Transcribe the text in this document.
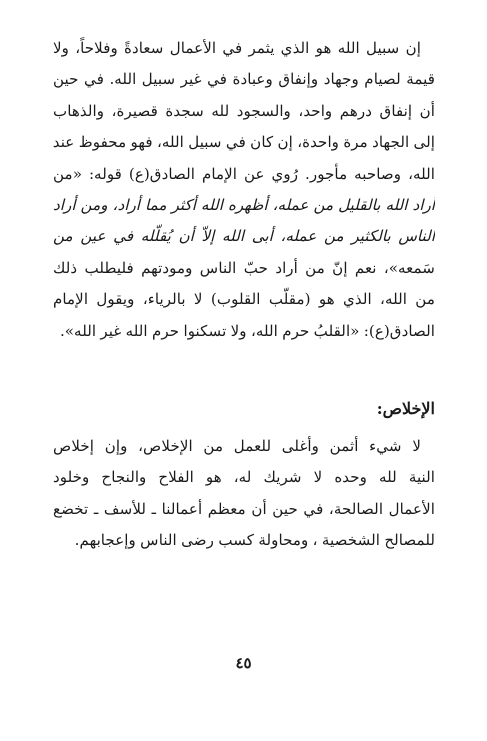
إن سبيل الله هو الذي يثمر في الأعمال سعادةً وفلاحاً، ولا
قيمة لصيام وجهاد وإنفاق وعبادة في غير سبيل الله. في حين
أن إنفاق درهم واحد، والسجود لله سجدة قصيرة، والذهاب
إلى الجهاد مرة واحدة، إن كان في سبيل الله، فهو محفوظ عند
الله، وصاحبه مأجور. رُوي عن الإمام الصادق(ع) قوله: «من
أراد الله بالقليل من عمله، أظهره الله أكثر مما أراد، ومن أراد
الناس بالكثير من عمله، أبى الله إلاّ أن يُقلّله في عين من
سَمعه»، نعم إنّ من أراد حبّ الناس ومودتهم فليطلب ذلك
من الله، الذي هو (مقلّب القلوب) لا بالرياء، ويقول الإمام
الصادق(ع): «القلبُ حرم الله، ولا تسكنوا حرم الله غير الله».
الإخلاص:
لا شيء أثمن وأغلى للعمل من الإخلاص، وإن إخلاص
النية لله وحده لا شريك له، هو الفلاح والنجاح وخلود
الأعمال الصالحة، في حين أن معظم أعمالنا ـ للأسف ـ تخضع
للمصالح الشخصية ، ومحاولة كسب رضى الناس وإعجابهم.
٤٥
